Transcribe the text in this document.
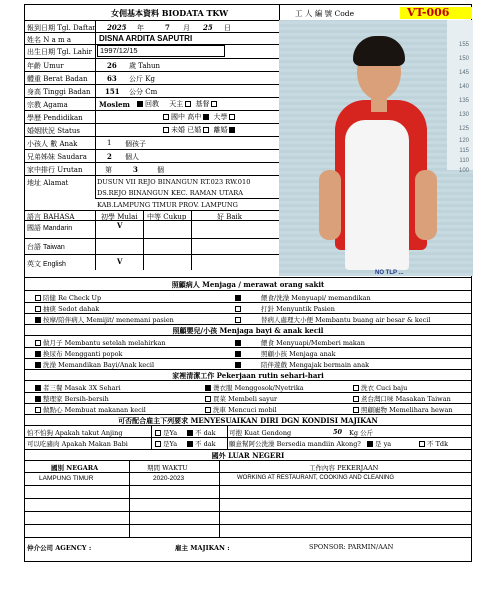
女佣基本資料 BIODATA TKW	工 人 編 號 Code	VT-006
報到日期 Tgl. Daftar 2025 年	7 月 25 日
姓名 N a m a	DISNA ARDITA SAPUTRI
出生日期 Tgl. Lahir	1997/12/15
年齡 Umur	26 歲 Tahun
體重 Berat Badan	63 公斤 Kg
身高 Tinggi Badan 151 公分 Cm
宗教 Agama	Moslem	回教 天主 基督
學歷 Pendidikan	國中 高中 大學
婚姻狀況 Status	未婚 已婚 離婚
小孩人 數 Anak	1 個孩子
兄弟姊妹 Saudara	2 個人
家中排行 Urutan	第	3	個
地址 Alamat	DUSUN VII REJO BINANGUN RT.023 RW.010
DS.REJO BINANGUN KEC. RAMAN UTARA
KAB.LAMPUNG TIMUR PROV. LAMPUNG
語言 BAHASA	初學 Mulai 中等 Cukup	好 Baik
國語 Mandarin	V
台語 Taiwan
英文 English	V
155
150
145
140
135
130
125
120
115
110
100
NO TLP ...
照顧病人 Menjaga / merawat orang sakit
陪健 Re Check Up	餵食/洗澡 Menyuapi/ memandikan
抽痰 Sedot dahak	打針 Menyuntik Pasien
按摩/陪伴病人 Memijit/ menemani pasien	替病人處理大小便 Membantu buang air besar & kecil
照顧嬰兒/小孩 Menjaga bayi & anak kecil
做月子 Membantu setelah melahirkan	餵食 Menyuapi/Memberi makan
換尿布 Mengganti popok	照顧小孩 Menjaga anak
洗澡 Memandikan Bayi/Anak kecil	陪伴遊戲 Mengajak bermain anak
家裡清潔工作 Pekerjaan rutin sehari-hari
者三餐 Masak 3X Sehari	燙衣服 Menggosok/Nyetrika	洗衣 Cuci baju
整理家 Bersih-bersih	買菜 Membeli sayur	煮台灣口味 Masakan Taiwan
做點心 Membuat makanan kecil	洗車 Mencuci mobil	照顧寵物 Memelihara hewan
可否配合雇主下列要求 MENYESUAIKAN DIRI DGN KONDISI MAJIKAN
怕不怕狗 Apakah takut Anjing	是Ya	不 dak 可抱 Kuat Gendong	50 Kg 公斤
可以吃豬肉 Apakah Makan Babi	是Ya	不 dak 願意幫阿公洗澡 Bersedia mandiin Akong?	是 ya	不 Tdk
國外 LUAR NEGERI
國別 NEGARA	期間 WAKTU	工作內容 PEKERJAAN
LAMPUNG TIMUR	2020-2023	WORKING AT RESTAURANT, COOKING AND CLEANING
仲介公司 AGENCY :	雇主 MAJIKAN :	SPONSOR: PARMIN/AAN
